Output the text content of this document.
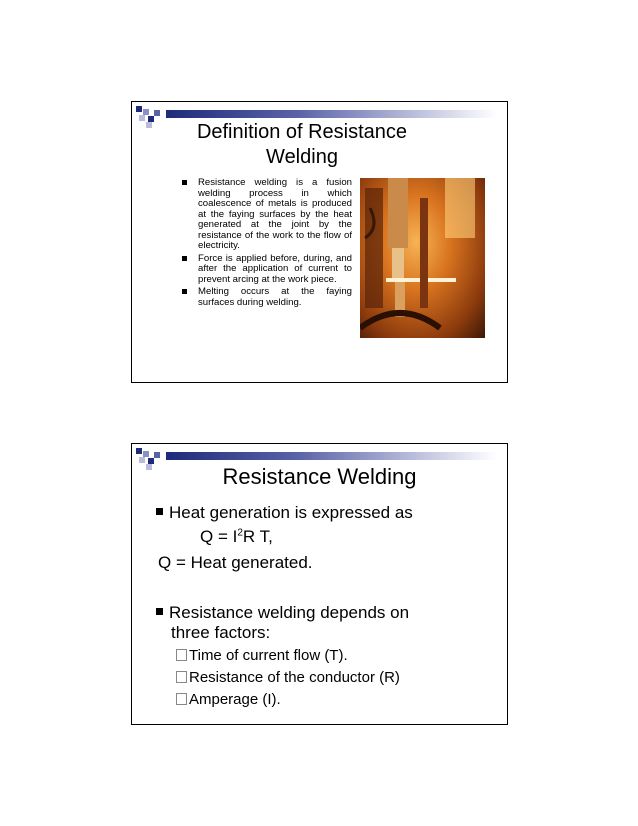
Definition of Resistance Welding
Resistance welding is a fusion welding process in which coalescence of metals is produced at the faying surfaces by the heat generated at the joint by the resistance of the work to the flow of electricity.
Force is applied before, during, and after the application of current to prevent arcing at the work piece.
Melting occurs at the faying surfaces during welding.
Resistance Welding

Heat generation is expressed as

$Q = I^2R$ T,

Q = Heat generated.

Resistance welding depends on

three factors:

Time of current flow (T).
Resistance of the conductor (R)
Amperage (I).
